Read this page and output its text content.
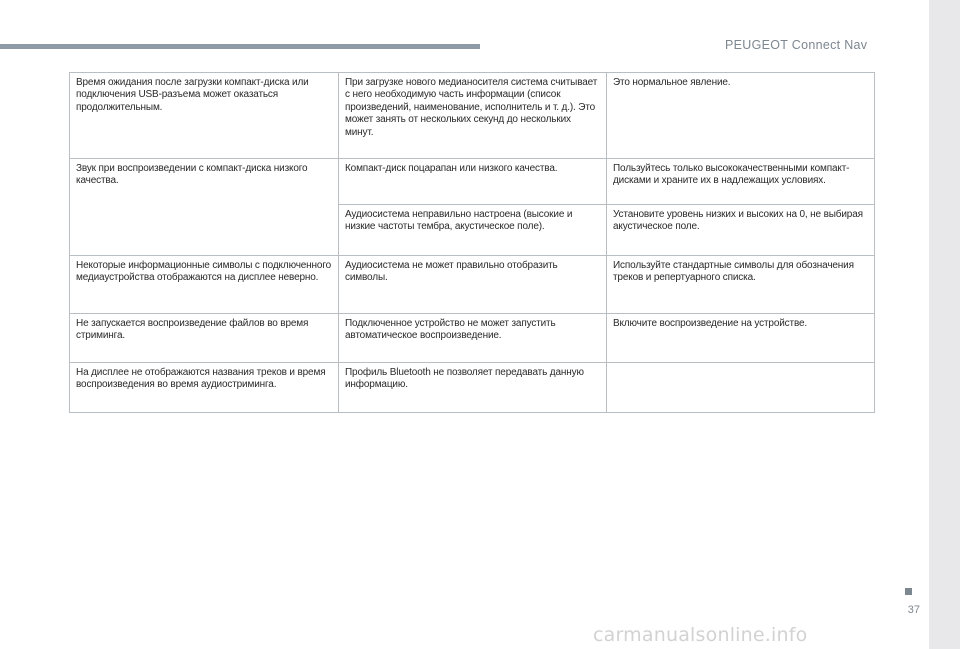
PEUGEOT Connect Nav
37
Время ожидания после загрузки компакт-диска или подключения USB-разъема может оказаться продолжительным.	При загрузке нового медианосителя система считывает с него необходимую часть информации (список произведений, наименование, исполнитель и т. д.). Это может занять от нескольких секунд до нескольких минут.	Это нормальное явление.

Звук при воспроизведении с компакт-диска низкого качества.	Компакт-диск поцарапан или низкого качества.	Пользуйтесь только высококачественными компакт-дисками и храните их в надлежащих условиях.

	Аудиосистема неправильно настроена (высокие и низкие частоты тембра, акустическое поле).	Установите уровень низких и высоких на 0, не выбирая акустическое поле.

Некоторые информационные символы с подключенного медиаустройства отображаются на дисплее неверно.	Аудиосистема не может правильно отобразить символы.	Используйте стандартные символы для обозначения треков и репертуарного списка.

Не запускается воспроизведение файлов во время стриминга.	Подключенное устройство не может запустить автоматическое воспроизведение.	Включите воспроизведение на устройстве.

На дисплее не отображаются названия треков и время воспроизведения во время аудиостриминга.	Профиль Bluetooth не позволяет передавать данную информацию.	

carmanualsonline.info
